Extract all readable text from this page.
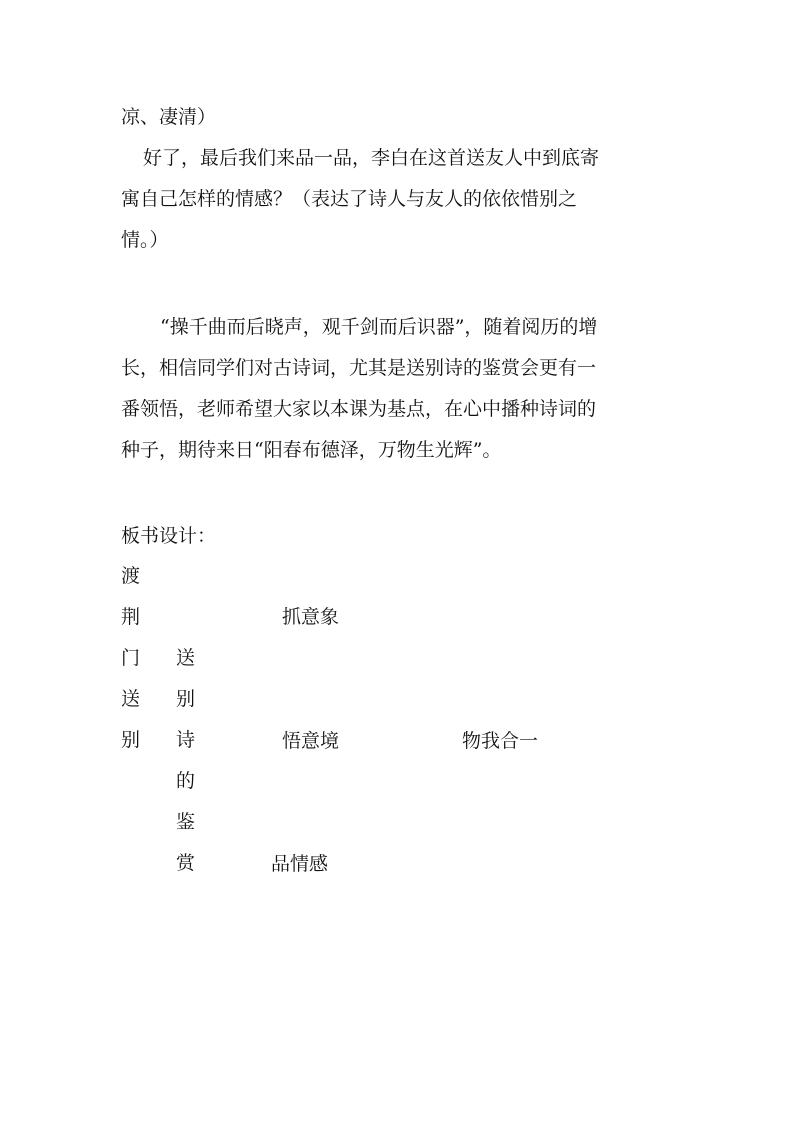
凉、凄清）
好了，最后我们来品一品，李白在这首送友人中到底寄
寓自己怎样的情感？（表达了诗人与友人的依依惜别之
情。）
“操千曲而后晓声，观千剑而后识器”，随着阅历的增
长，相信同学们对古诗词，尤其是送别诗的鉴赏会更有一
番领悟，老师希望大家以本课为基点，在心中播种诗词的
种子，期待来日“阳春布德泽，万物生光辉”。
板书设计：
渡
荆
门
送
别
送
别
诗
的
鉴
赏
抓意象
悟意境
品情感
物我合一
